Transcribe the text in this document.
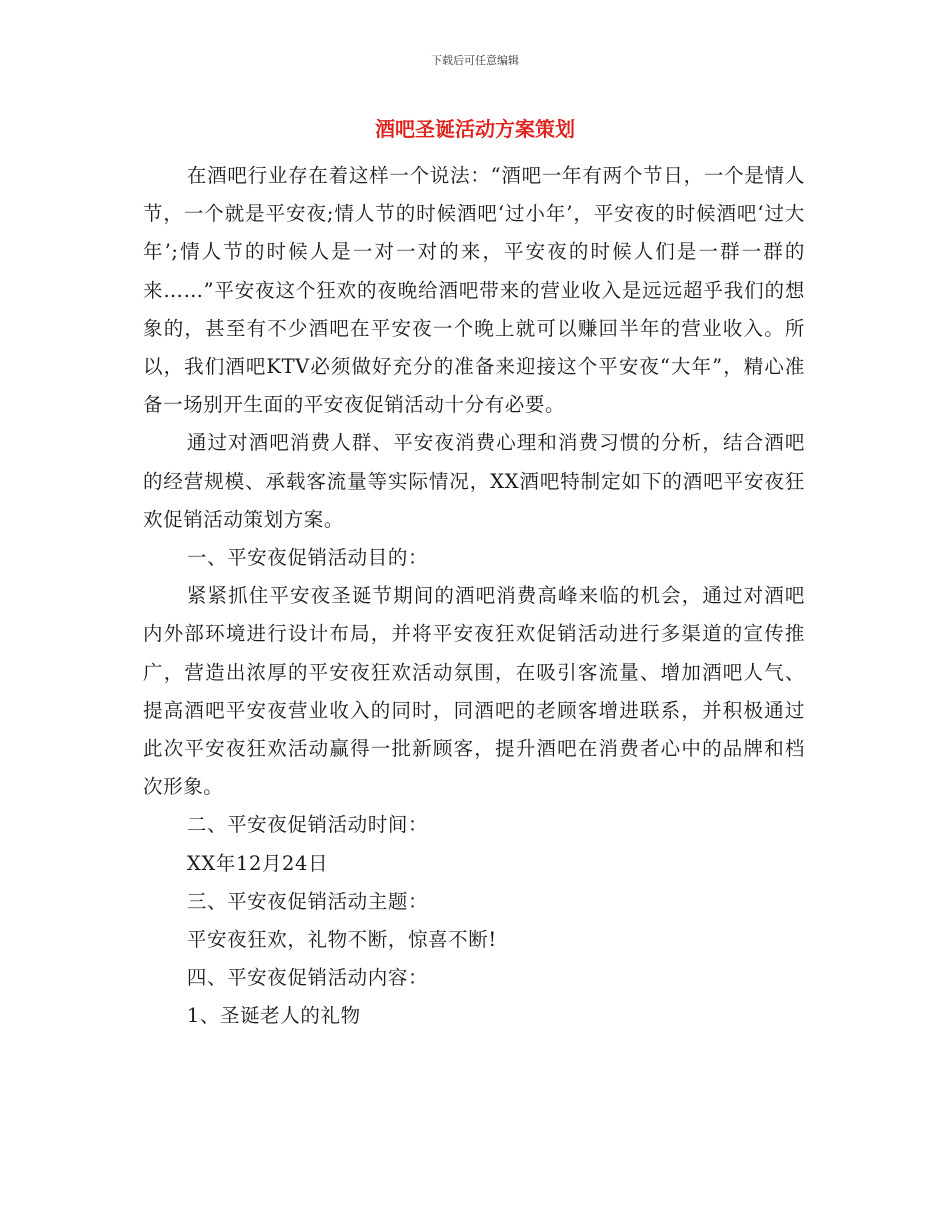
下载后可任意编辑
酒吧圣诞活动方案策划

在酒吧行业存在着这样一个说法：“酒吧一年有两个节日，一个是情人节，一个就是平安夜;情人节的时候酒吧‘过小年’，平安夜的时候酒吧‘过大年’;情人节的时候人是一对一对的来，平安夜的时候人们是一群一群的来……”平安夜这个狂欢的夜晚给酒吧带来的营业收入是远远超乎我们的想象的，甚至有不少酒吧在平安夜一个晚上就可以赚回半年的营业收入。所以，我们酒吧KTV必须做好充分的准备来迎接这个平安夜“大年”，精心准备一场别开生面的平安夜促销活动十分有必要。

通过对酒吧消费人群、平安夜消费心理和消费习惯的分析，结合酒吧的经营规模、承载客流量等实际情况，XX酒吧特制定如下的酒吧平安夜狂欢促销活动策划方案。

一、平安夜促销活动目的：

紧紧抓住平安夜圣诞节期间的酒吧消费高峰来临的机会，通过对酒吧内外部环境进行设计布局，并将平安夜狂欢促销活动进行多渠道的宣传推广，营造出浓厚的平安夜狂欢活动氛围，在吸引客流量、增加酒吧人气、提高酒吧平安夜营业收入的同时，同酒吧的老顾客增进联系，并积极通过此次平安夜狂欢活动赢得一批新顾客，提升酒吧在消费者心中的品牌和档次形象。

二、平安夜促销活动时间：

XX年12月24日

三、平安夜促销活动主题：

平安夜狂欢，礼物不断，惊喜不断!

四、平安夜促销活动内容：

1、圣诞老人的礼物
